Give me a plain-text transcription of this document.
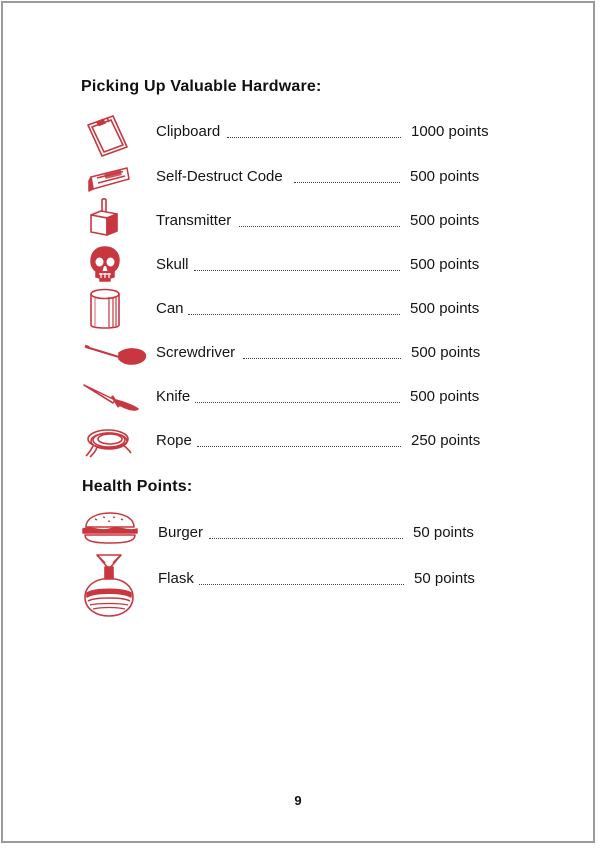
Picking Up Valuable Hardware:
Clipboard	1000 points
Self-Destruct Code	500 points
Transmitter	500 points
Skull	500 points
Can	500 points
Screwdriver	500 points
Knife	500 points
Rope	250 points
Health Points:
Burger	50 points
Flask	50 points
9
